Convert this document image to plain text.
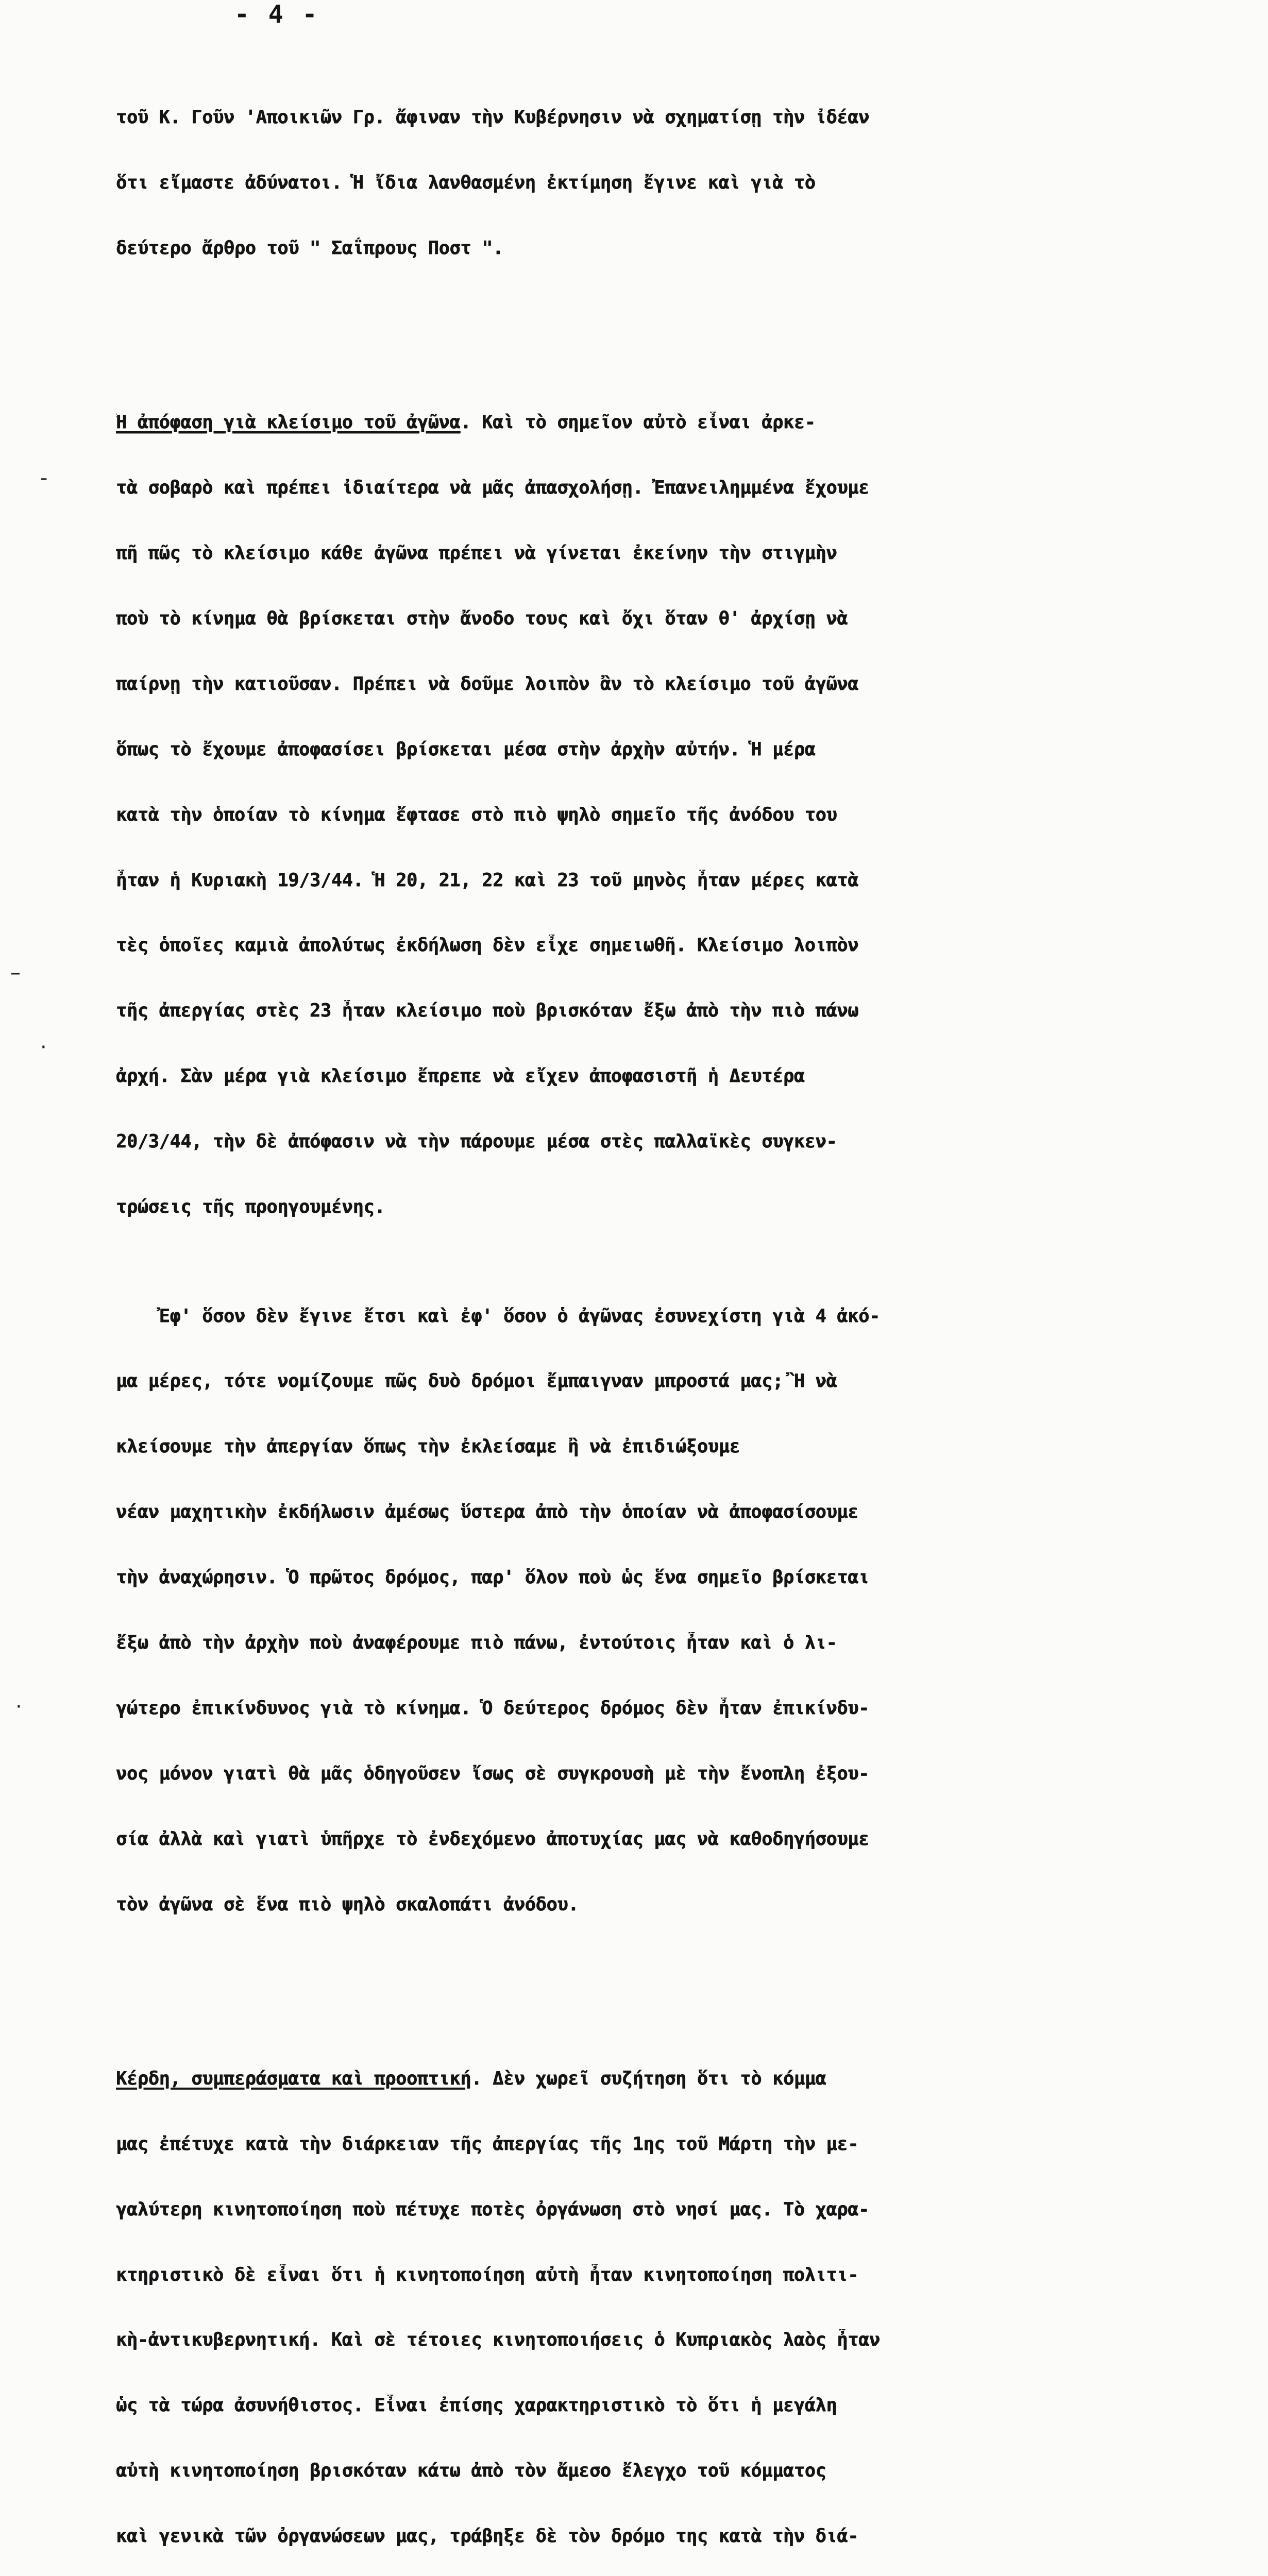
- 4 -

τοῦ Κ. Γοῦν 'Αποικιῶν Γρ. ἄφιναν τὴν Κυβέρνησιν νὰ σχηματίσῃ τὴν ἰδέαν

ὅτι εἴμαστε ἀδύνατοι. Ἡ ἴδια λανθασμένη ἐκτίμηση ἔγινε καὶ γιὰ τὸ

δεύτερο ἄρθρο τοῦ " Σαΐπρους Ποστ ".

Ἡ ἀπόφαση γιὰ κλείσιμο τοῦ ἀγῶνα. Καὶ τὸ σημεῖον αὐτὸ εἶναι ἀρκε-

τὰ σοβαρὸ καὶ πρέπει ἰδιαίτερα νὰ μᾶς ἀπασχολήσῃ. Ἐπανειλημμένα ἔχουμε

πῆ πῶς τὸ κλείσιμο κάθε ἀγῶνα πρέπει νὰ γίνεται ἐκείνην τὴν στιγμὴν

ποὺ τὸ κίνημα θὰ βρίσκεται στὴν ἄνοδο τους καὶ ὄχι ὅταν θ' ἀρχίσῃ νὰ

παίρνῃ τὴν κατιοῦσαν. Πρέπει νὰ δοῦμε λοιπὸν ἂν τὸ κλείσιμο τοῦ ἀγῶνα

ὅπως τὸ ἔχουμε ἀποφασίσει βρίσκεται μέσα στὴν ἀρχὴν αὐτήν. Ἡ μέρα

κατὰ τὴν ὁποίαν τὸ κίνημα ἔφτασε στὸ πιὸ ψηλὸ σημεῖο τῆς ἀνόδου του

ἦταν ἡ Κυριακὴ 19/3/44. Ἡ 20, 21, 22 καὶ 23 τοῦ μηνὸς ἦταν μέρες κατὰ

τὲς ὁποῖες καμιὰ ἀπολύτως ἐκδήλωση δὲν εἶχε σημειωθῆ. Κλείσιμο λοιπὸν

τῆς ἀπεργίας στὲς 23 ἦταν κλείσιμο ποὺ βρισκόταν ἔξω ἀπὸ τὴν πιὸ πάνω

ἀρχή. Σὰν μέρα γιὰ κλείσιμο ἔπρεπε νὰ εἴχεν ἀποφασιστῆ ἡ Δευτέρα

20/3/44, τὴν δὲ ἀπόφασιν νὰ τὴν πάρουμε μέσα στὲς παλλαϊκὲς συγκεν-

τρώσεις τῆς προηγουμένης.

Ἐφ' ὅσον δὲν ἔγινε ἔτσι καὶ ἐφ' ὅσον ὁ ἀγῶνας ἐσυνεχίστη γιὰ 4 ἀκό-

μα μέρες, τότε νομίζουμε πῶς δυὸ δρόμοι ἔμπαιγναν μπροστά μας; Ἢ νὰ

κλείσουμε τὴν ἀπεργίαν ὅπως τὴν ἐκλείσαμε ἢ νὰ ἐπιδιώξουμε

νέαν μαχητικὴν ἐκδήλωσιν ἀμέσως ὕστερα ἀπὸ τὴν ὁποίαν νὰ ἀποφασίσουμε

τὴν ἀναχώρησιν. Ὁ πρῶτος δρόμος, παρ' ὅλον ποὺ ὡς ἕνα σημεῖο βρίσκεται

ἔξω ἀπὸ τὴν ἀρχὴν ποὺ ἀναφέρουμε πιὸ πάνω, ἐντούτοις ἦταν καὶ ὁ λι-

γώτερο ἐπικίνδυνος γιὰ τὸ κίνημα. Ὁ δεύτερος δρόμος δὲν ἦταν ἐπικίνδυ-

νος μόνον γιατὶ θὰ μᾶς ὁδηγοῦσεν ἴσως σὲ συγκρουσὴ μὲ τὴν ἔνοπλη ἐξου-

σία ἀλλὰ καὶ γιατὶ ὑπῆρχε τὸ ἐνδεχόμενο ἀποτυχίας μας νὰ καθοδηγήσουμε

τὸν ἀγῶνα σὲ ἕνα πιὸ ψηλὸ σκαλοπάτι ἀνόδου.

Κέρδη, συμπεράσματα καὶ προοπτική. Δὲν χωρεῖ συζήτηση ὅτι τὸ κόμμα

μας ἐπέτυχε κατὰ τὴν διάρκειαν τῆς ἀπεργίας τῆς 1ης τοῦ Μάρτη τὴν με-

γαλύτερη κινητοποίηση ποὺ πέτυχε ποτὲς ὀργάνωση στὸ νησί μας. Τὸ χαρα-

κτηριστικὸ δὲ εἶναι ὅτι ἡ κινητοποίηση αὐτὴ ἦταν κινητοποίηση πολιτι-

κὴ-ἀντικυβερνητική. Καὶ σὲ τέτοιες κινητοποιήσεις ὁ Κυπριακὸς λαὸς ἦταν

ὡς τὰ τώρα ἀσυνήθιστος. Εἶναι ἐπίσης χαρακτηριστικὸ τὸ ὅτι ἡ μεγάλη

αὐτὴ κινητοποίηση βρισκόταν κάτω ἀπὸ τὸν ἄμεσο ἔλεγχο τοῦ κόμματος

καὶ γενικὰ τῶν ὀργανώσεων μας, τράβηξε δὲ τὸν δρόμο της κατὰ τὴν διά-

-
–
·
·
